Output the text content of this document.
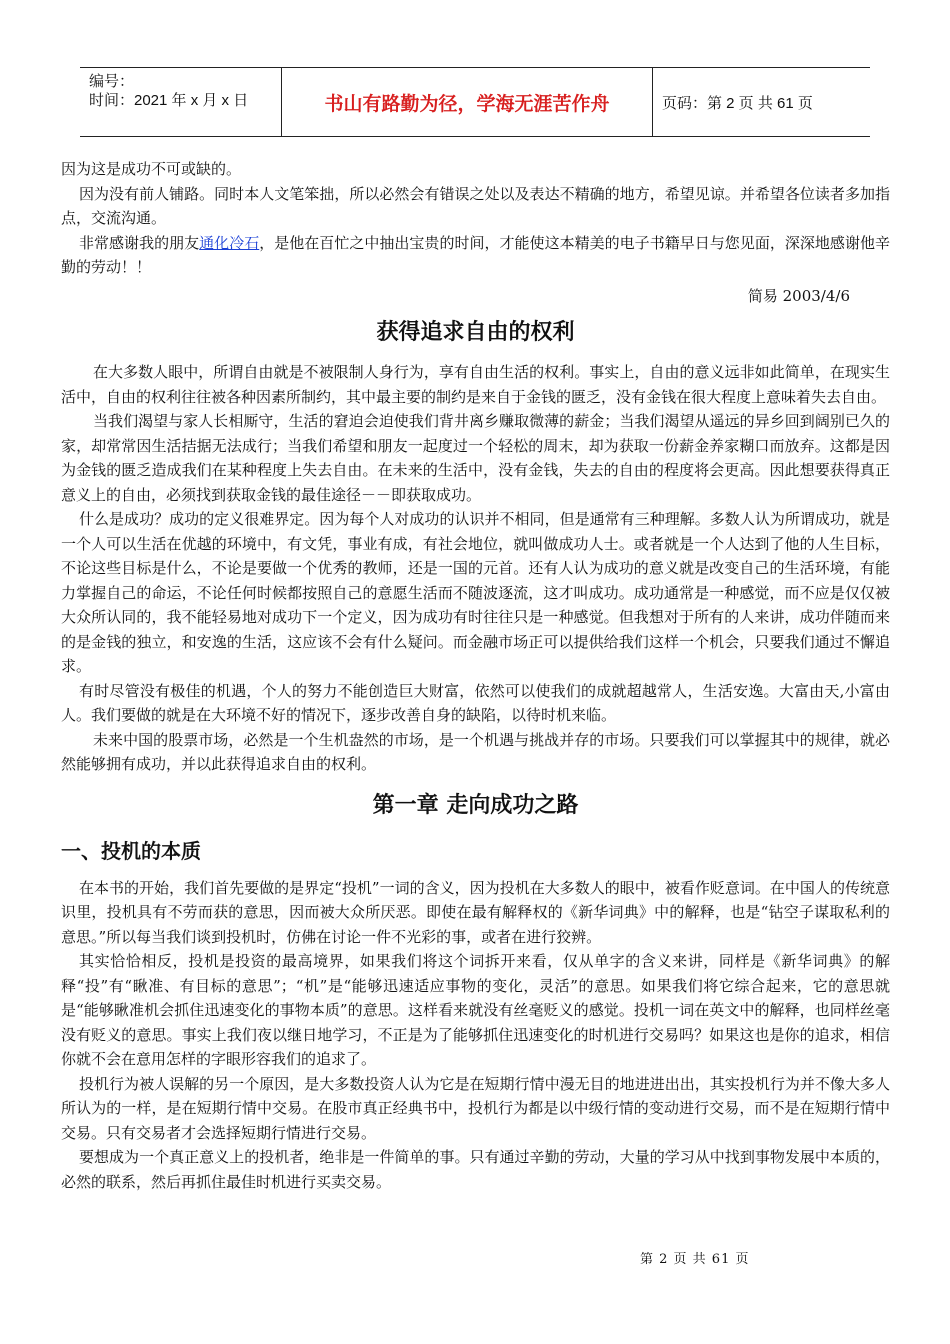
编号：
时间：2021 年 x 月 x 日	书山有路勤为径，学海无涯苦作舟	页码：第 2 页 共 61 页

因为这是成功不可或缺的。

因为没有前人铺路。同时本人文笔笨拙，所以必然会有错误之处以及表达不精确的地方，希望见谅。并希望各位读者多加指点，交流沟通。

非常感谢我的朋友通化冷石，是他在百忙之中抽出宝贵的时间，才能使这本精美的电子书籍早日与您见面，深深地感谢他辛勤的劳动！！

简易 2003/4/6

获得追求自由的权利

在大多数人眼中，所谓自由就是不被限制人身行为，享有自由生活的权利。事实上，自由的意义远非如此简单，在现实生活中，自由的权利往往被各种因素所制约，其中最主要的制约是来自于金钱的匮乏，没有金钱在很大程度上意味着失去自由。

当我们渴望与家人长相厮守，生活的窘迫会迫使我们背井离乡赚取微薄的薪金；当我们渴望从遥远的异乡回到阔别已久的家，却常常因生活拮据无法成行；当我们希望和朋友一起度过一个轻松的周末，却为获取一份薪金养家糊口而放弃。这都是因为金钱的匮乏造成我们在某种程度上失去自由。在未来的生活中，没有金钱，失去的自由的程度将会更高。因此想要获得真正意义上的自由，必须找到获取金钱的最佳途径－－即获取成功。

什么是成功？成功的定义很难界定。因为每个人对成功的认识并不相同，但是通常有三种理解。多数人认为所谓成功，就是一个人可以生活在优越的环境中，有文凭，事业有成，有社会地位，就叫做成功人士。或者就是一个人达到了他的人生目标，不论这些目标是什么，不论是要做一个优秀的教师，还是一国的元首。还有人认为成功的意义就是改变自己的生活环境，有能力掌握自己的命运，不论任何时候都按照自己的意愿生活而不随波逐流，这才叫成功。成功通常是一种感觉，而不应是仅仅被大众所认同的，我不能轻易地对成功下一个定义，因为成功有时往往只是一种感觉。但我想对于所有的人来讲，成功伴随而来的是金钱的独立，和安逸的生活，这应该不会有什么疑问。而金融市场正可以提供给我们这样一个机会，只要我们通过不懈追求。

有时尽管没有极佳的机遇，个人的努力不能创造巨大财富，依然可以使我们的成就超越常人，生活安逸。大富由天,小富由人。我们要做的就是在大环境不好的情况下，逐步改善自身的缺陷，以待时机来临。

未来中国的股票市场，必然是一个生机盎然的市场，是一个机遇与挑战并存的市场。只要我们可以掌握其中的规律，就必然能够拥有成功，并以此获得追求自由的权利。

第一章 走向成功之路
一、投机的本质

在本书的开始，我们首先要做的是界定“投机”一词的含义，因为投机在大多数人的眼中，被看作贬意词。在中国人的传统意识里，投机具有不劳而获的意思，因而被大众所厌恶。即使在最有解释权的《新华词典》中的解释，也是“钻空子谋取私利的意思。”所以每当我们谈到投机时，仿佛在讨论一件不光彩的事，或者在进行狡辨。

其实恰恰相反，投机是投资的最高境界，如果我们将这个词拆开来看，仅从单字的含义来讲，同样是《新华词典》的解释“投”有“瞅准、有目标的意思”；“机”是“能够迅速适应事物的变化，灵活”的意思。如果我们将它综合起来，它的意思就是“能够瞅准机会抓住迅速变化的事物本质”的意思。这样看来就没有丝毫贬义的感觉。投机一词在英文中的解释，也同样丝毫没有贬义的意思。事实上我们夜以继日地学习，不正是为了能够抓住迅速变化的时机进行交易吗？如果这也是你的追求，相信你就不会在意用怎样的字眼形容我们的追求了。

投机行为被人误解的另一个原因，是大多数投资人认为它是在短期行情中漫无目的地进进出出，其实投机行为并不像大多人所认为的一样，是在短期行情中交易。在股市真正经典书中，投机行为都是以中级行情的变动进行交易，而不是在短期行情中交易。只有交易者才会选择短期行情进行交易。

要想成为一个真正意义上的投机者，绝非是一件简单的事。只有通过辛勤的劳动，大量的学习从中找到事物发展中本质的，必然的联系，然后再抓住最佳时机进行买卖交易。

第 2 页 共 61 页
